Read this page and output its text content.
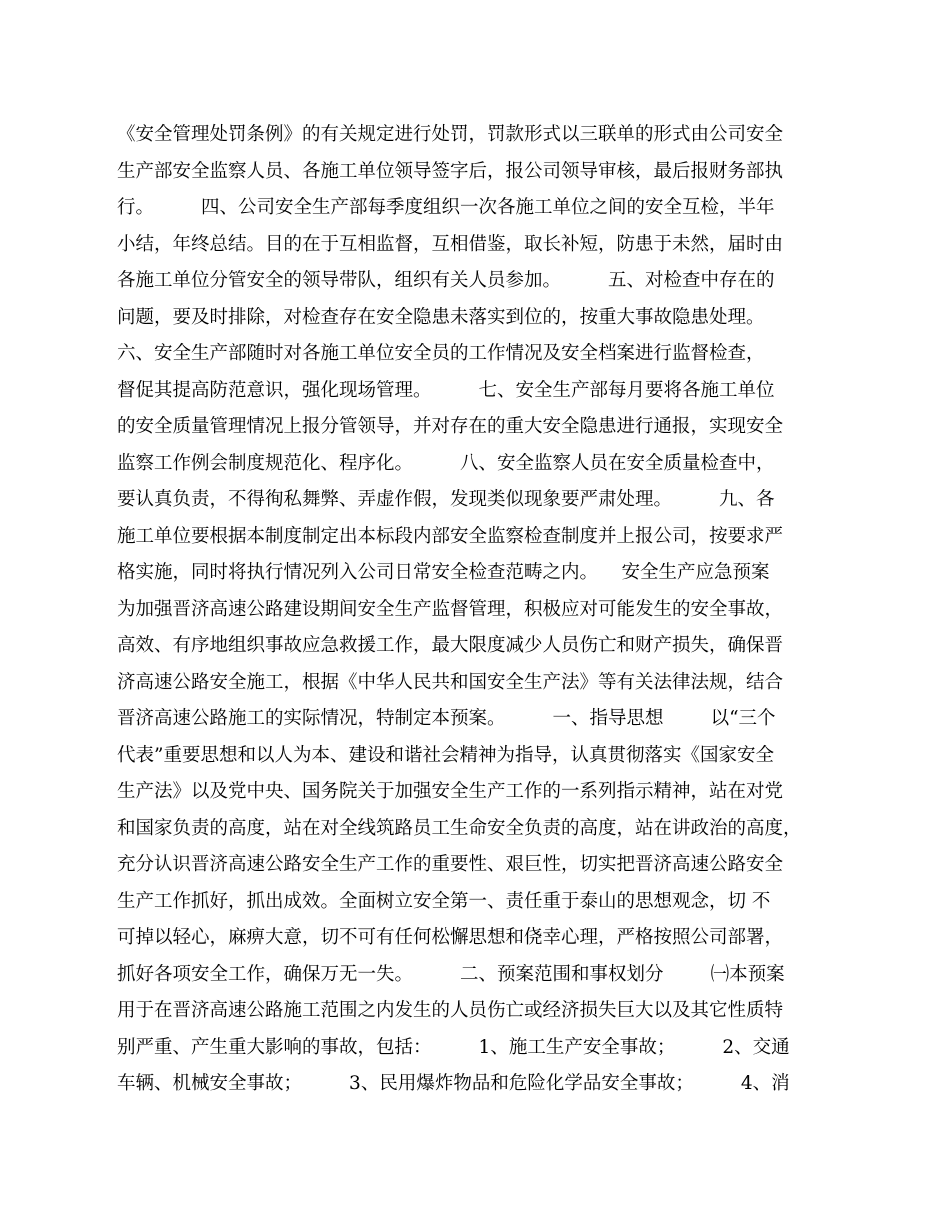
《安全管理处罚条例》的有关规定进行处罚，罚款形式以三联单的形式由公司安全
生产部安全监察人员、各施工单位领导签字后，报公司领导审核，最后报财务部执
行。        四、公司安全生产部每季度组织一次各施工单位之间的安全互检，半年
小结，年终总结。目的在于互相监督，互相借鉴，取长补短，防患于未然，届时由
各施工单位分管安全的领导带队，组织有关人员参加。        五、对检查中存在的
问题，要及时排除，对检查存在安全隐患未落实到位的，按重大事故隐患处理。
六、安全生产部随时对各施工单位安全员的工作情况及安全档案进行监督检查，
督促其提高防范意识，强化现场管理。        七、安全生产部每月要将各施工单位
的安全质量管理情况上报分管领导，并对存在的重大安全隐患进行通报，实现安全
监察工作例会制度规范化、程序化。        八、安全监察人员在安全质量检查中，
要认真负责，不得徇私舞弊、弄虚作假，发现类似现象要严肃处理。        九、各
施工单位要根据本制度制定出本标段内部安全监察检查制度并上报公司，按要求严
格实施，同时将执行情况列入公司日常安全检查范畴之内。    安全生产应急预案
为加强晋济高速公路建设期间安全生产监督管理，积极应对可能发生的安全事故，
高效、有序地组织事故应急救援工作，最大限度减少人员伤亡和财产损失，确保晋
济高速公路安全施工，根据《中华人民共和国安全生产法》等有关法律法规，结合
晋济高速公路施工的实际情况，特制定本预案。        一、指导思想        以“三个
代表”重要思想和以人为本、建设和谐社会精神为指导，认真贯彻落实《国家安全
生产法》以及党中央、国务院关于加强安全生产工作的一系列指示精神，站在对党
和国家负责的高度，站在对全线筑路员工生命安全负责的高度，站在讲政治的高度，
充分认识晋济高速公路安全生产工作的重要性、艰巨性，切实把晋济高速公路安全
生产工作抓好，抓出成效。全面树立安全第一、责任重于泰山的思想观念，切 不
可掉以轻心，麻痹大意，切不可有任何松懈思想和侥幸心理，严格按照公司部署，
抓好各项安全工作，确保万无一失。        二、预案范围和事权划分        ㈠本预案
用于在晋济高速公路施工范围之内发生的人员伤亡或经济损失巨大以及其它性质特
别严重、产生重大影响的事故，包括：        1、施工生产安全事故；        2、交通
车辆、机械安全事故；        3、民用爆炸物品和危险化学品安全事故；        4、消
